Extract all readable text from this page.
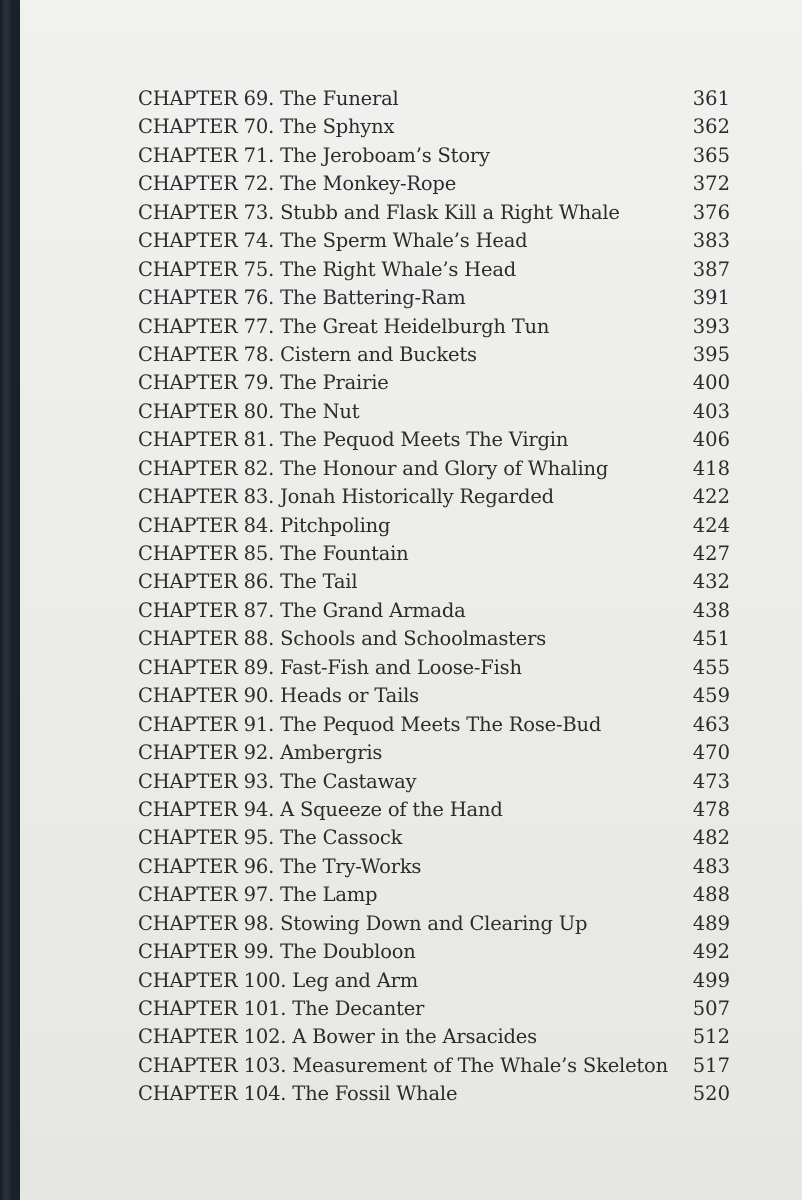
CHAPTER 69. The Funeral	361
CHAPTER 70. The Sphynx	362
CHAPTER 71. The Jeroboam’s Story	365
CHAPTER 72. The Monkey-Rope	372
CHAPTER 73. Stubb and Flask Kill a Right Whale	376
CHAPTER 74. The Sperm Whale’s Head	383
CHAPTER 75. The Right Whale’s Head	387
CHAPTER 76. The Battering-Ram	391
CHAPTER 77. The Great Heidelburgh Tun	393
CHAPTER 78. Cistern and Buckets	395
CHAPTER 79. The Prairie	400
CHAPTER 80. The Nut	403
CHAPTER 81. The Pequod Meets The Virgin	406
CHAPTER 82. The Honour and Glory of Whaling	418
CHAPTER 83. Jonah Historically Regarded	422
CHAPTER 84. Pitchpoling	424
CHAPTER 85. The Fountain	427
CHAPTER 86. The Tail	432
CHAPTER 87. The Grand Armada	438
CHAPTER 88. Schools and Schoolmasters	451
CHAPTER 89. Fast-Fish and Loose-Fish	455
CHAPTER 90. Heads or Tails	459
CHAPTER 91. The Pequod Meets The Rose-Bud	463
CHAPTER 92. Ambergris	470
CHAPTER 93. The Castaway	473
CHAPTER 94. A Squeeze of the Hand	478
CHAPTER 95. The Cassock	482
CHAPTER 96. The Try-Works	483
CHAPTER 97. The Lamp	488
CHAPTER 98. Stowing Down and Clearing Up	489
CHAPTER 99. The Doubloon	492
CHAPTER 100. Leg and Arm	499
CHAPTER 101. The Decanter	507
CHAPTER 102. A Bower in the Arsacides	512
CHAPTER 103. Measurement of The Whale’s Skeleton	517
CHAPTER 104. The Fossil Whale	520
